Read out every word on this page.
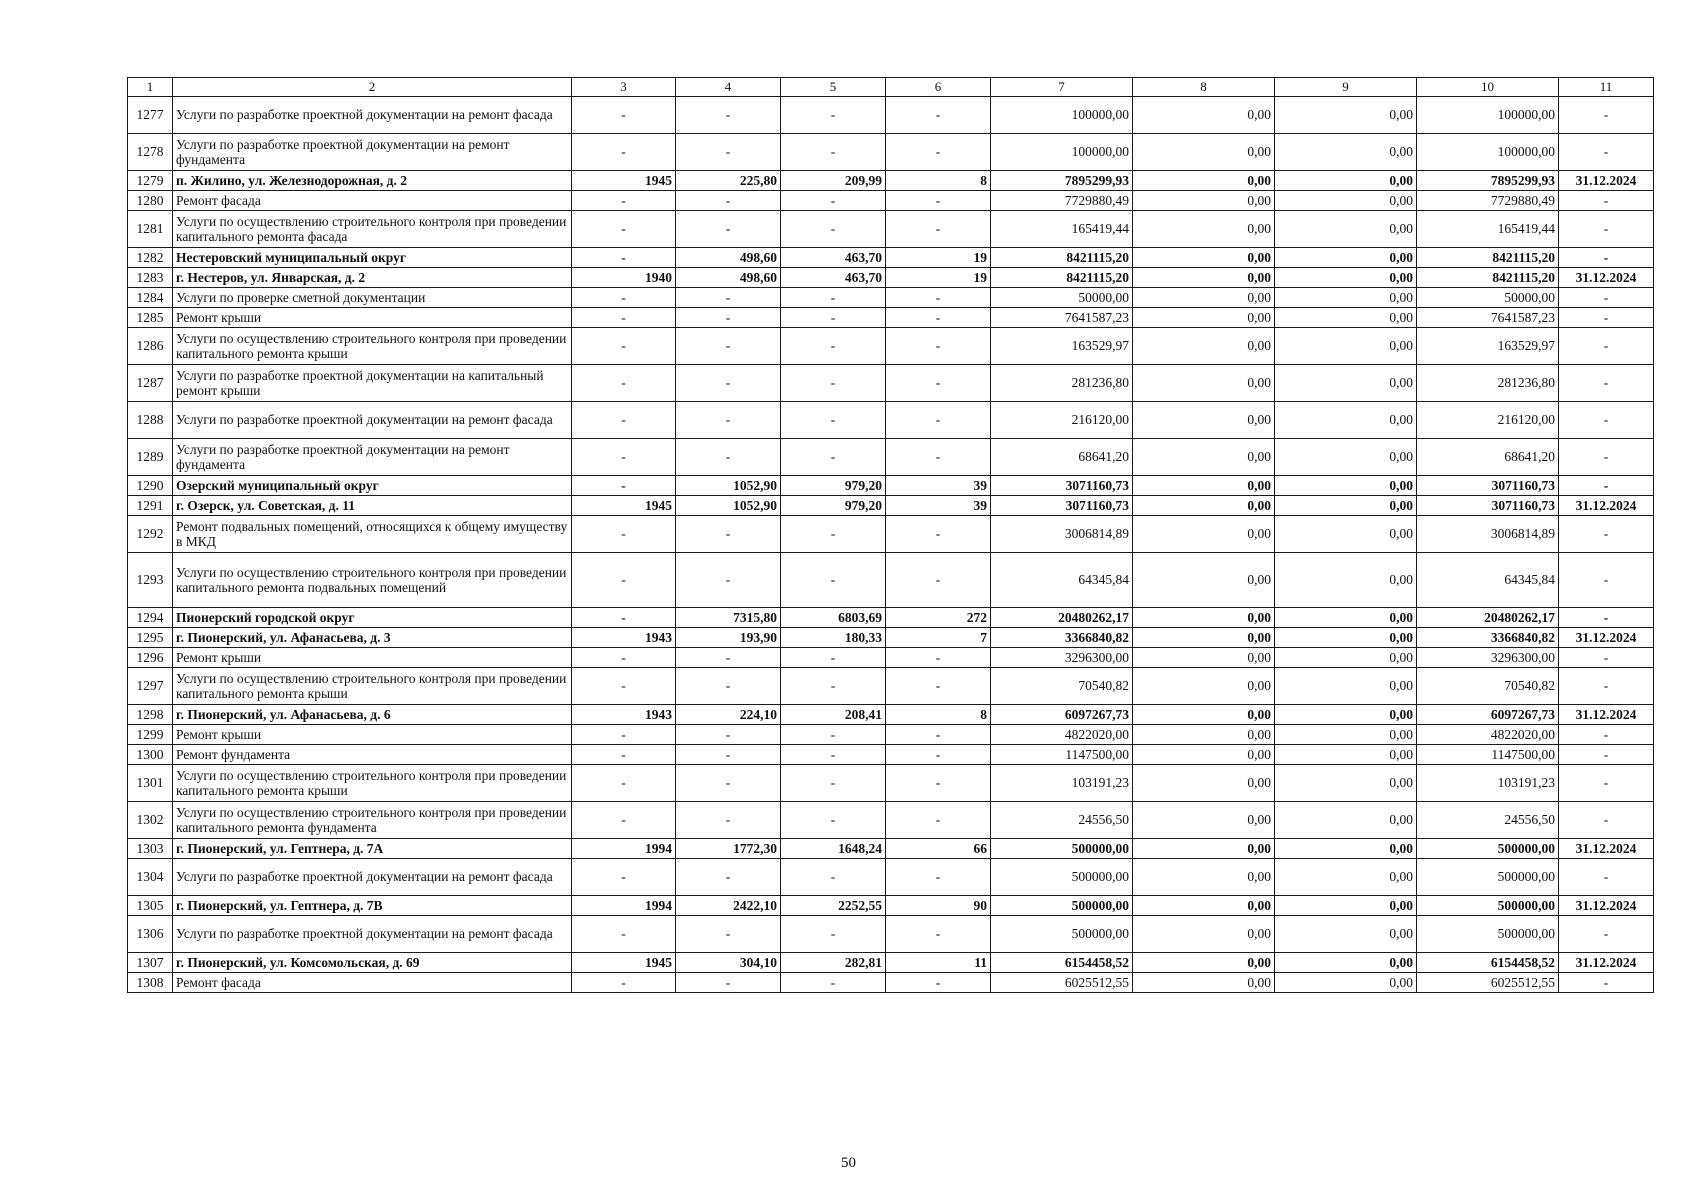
1	2	3	4	5	6	7	8	9	10	11
1277	Услуги по разработке проектной документации на ремонт фасада	-	-	-	-	100000,00	0,00	0,00	100000,00	-
1278	Услуги по разработке проектной документации на ремонт фундамента	-	-	-	-	100000,00	0,00	0,00	100000,00	-
1279	п. Жилино, ул. Железнодорожная, д. 2	1945	225,80	209,99	8	7895299,93	0,00	0,00	7895299,93	31.12.2024
1280	Ремонт фасада	-	-	-	-	7729880,49	0,00	0,00	7729880,49	-
1281	Услуги по осуществлению строительного контроля при проведении капитального ремонта фасада	-	-	-	-	165419,44	0,00	0,00	165419,44	-
1282	Нестеровский муниципальный округ	-	498,60	463,70	19	8421115,20	0,00	0,00	8421115,20	-
1283	г. Нестеров, ул. Январская, д. 2	1940	498,60	463,70	19	8421115,20	0,00	0,00	8421115,20	31.12.2024
1284	Услуги по проверке сметной документации	-	-	-	-	50000,00	0,00	0,00	50000,00	-
1285	Ремонт крыши	-	-	-	-	7641587,23	0,00	0,00	7641587,23	-
1286	Услуги по осуществлению строительного контроля при проведении капитального ремонта крыши	-	-	-	-	163529,97	0,00	0,00	163529,97	-
1287	Услуги по разработке проектной документации на капитальный ремонт крыши	-	-	-	-	281236,80	0,00	0,00	281236,80	-
1288	Услуги по разработке проектной документации на ремонт фасада	-	-	-	-	216120,00	0,00	0,00	216120,00	-
1289	Услуги по разработке проектной документации на ремонт фундамента	-	-	-	-	68641,20	0,00	0,00	68641,20	-
1290	Озерский муниципальный округ	-	1052,90	979,20	39	3071160,73	0,00	0,00	3071160,73	-
1291	г. Озерск, ул. Советская, д. 11	1945	1052,90	979,20	39	3071160,73	0,00	0,00	3071160,73	31.12.2024
1292	Ремонт подвальных помещений, относящихся к общему имуществу в МКД	-	-	-	-	3006814,89	0,00	0,00	3006814,89	-
1293	Услуги по осуществлению строительного контроля при проведении капитального ремонта подвальных помещений	-	-	-	-	64345,84	0,00	0,00	64345,84	-
1294	Пионерский городской округ	-	7315,80	6803,69	272	20480262,17	0,00	0,00	20480262,17	-
1295	г. Пионерский, ул. Афанасьева, д. 3	1943	193,90	180,33	7	3366840,82	0,00	0,00	3366840,82	31.12.2024
1296	Ремонт крыши	-	-	-	-	3296300,00	0,00	0,00	3296300,00	-
1297	Услуги по осуществлению строительного контроля при проведении капитального ремонта крыши	-	-	-	-	70540,82	0,00	0,00	70540,82	-
1298	г. Пионерский, ул. Афанасьева, д. 6	1943	224,10	208,41	8	6097267,73	0,00	0,00	6097267,73	31.12.2024
1299	Ремонт крыши	-	-	-	-	4822020,00	0,00	0,00	4822020,00	-
1300	Ремонт фундамента	-	-	-	-	1147500,00	0,00	0,00	1147500,00	-
1301	Услуги по осуществлению строительного контроля при проведении капитального ремонта крыши	-	-	-	-	103191,23	0,00	0,00	103191,23	-
1302	Услуги по осуществлению строительного контроля при проведении капитального ремонта фундамента	-	-	-	-	24556,50	0,00	0,00	24556,50	-
1303	г. Пионерский, ул. Гептнера, д. 7А	1994	1772,30	1648,24	66	500000,00	0,00	0,00	500000,00	31.12.2024
1304	Услуги по разработке проектной документации на ремонт фасада	-	-	-	-	500000,00	0,00	0,00	500000,00	-
1305	г. Пионерский, ул. Гептнера, д. 7В	1994	2422,10	2252,55	90	500000,00	0,00	0,00	500000,00	31.12.2024
1306	Услуги по разработке проектной документации на ремонт фасада	-	-	-	-	500000,00	0,00	0,00	500000,00	-
1307	г. Пионерский, ул. Комсомольская, д. 69	1945	304,10	282,81	11	6154458,52	0,00	0,00	6154458,52	31.12.2024
1308	Ремонт фасада	-	-	-	-	6025512,55	0,00	0,00	6025512,55	-
50
